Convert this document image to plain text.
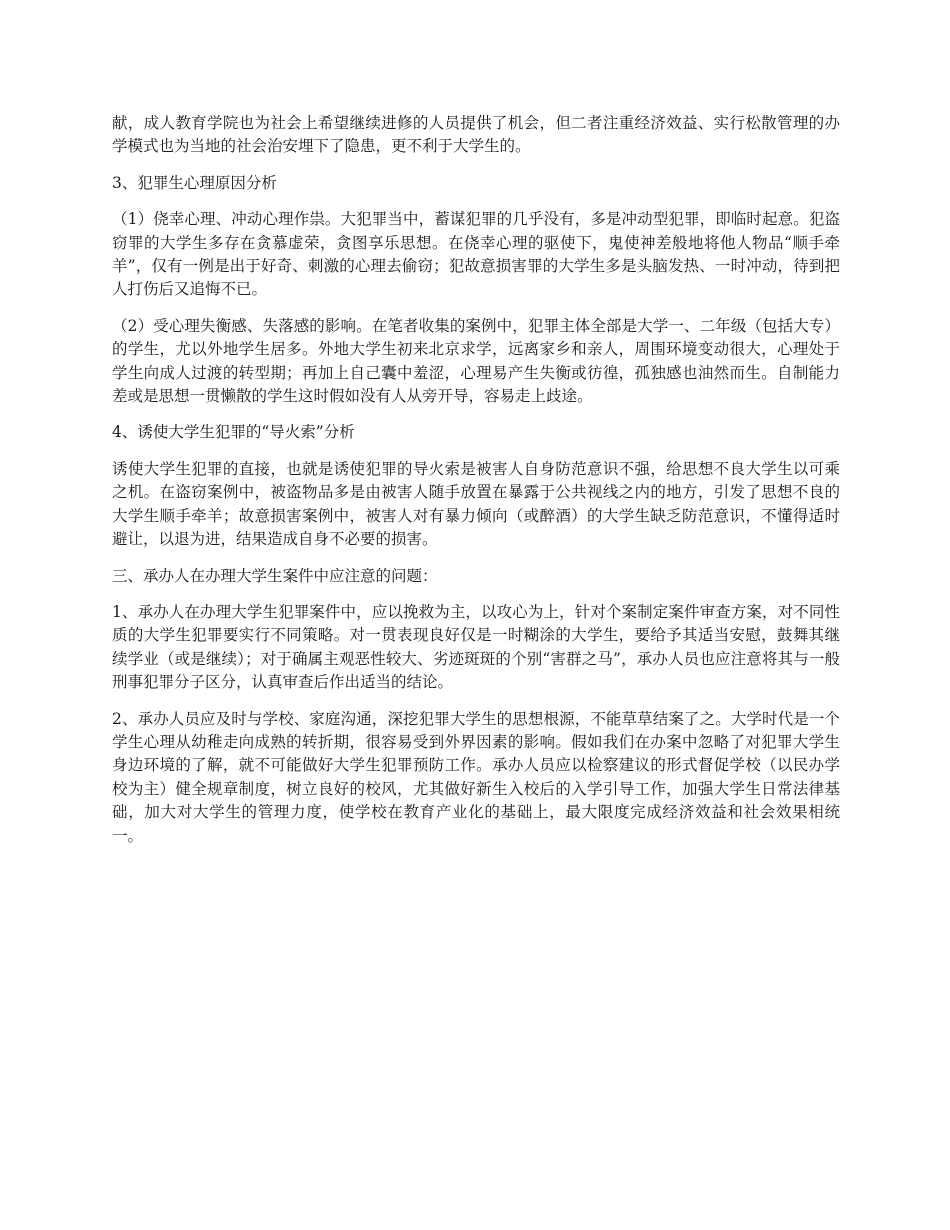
献，成人教育学院也为社会上希望继续进修的人员提供了机会，但二者注重经济效益、实行松散管理的办学模式也为当地的社会治安埋下了隐患，更不利于大学生的。

3、犯罪生心理原因分析

（1）侥幸心理、冲动心理作祟。大犯罪当中，蓄谋犯罪的几乎没有，多是冲动型犯罪，即临时起意。犯盗窃罪的大学生多存在贪慕虚荣，贪图享乐思想。在侥幸心理的驱使下，鬼使神差般地将他人物品“顺手牵羊”，仅有一例是出于好奇、刺激的心理去偷窃；犯故意损害罪的大学生多是头脑发热、一时冲动，待到把人打伤后又追悔不已。

（2）受心理失衡感、失落感的影响。在笔者收集的案例中，犯罪主体全部是大学一、二年级（包括大专）的学生，尤以外地学生居多。外地大学生初来北京求学，远离家乡和亲人，周围环境变动很大，心理处于学生向成人过渡的转型期；再加上自己囊中羞涩，心理易产生失衡或彷徨，孤独感也油然而生。自制能力差或是思想一贯懒散的学生这时假如没有人从旁开导，容易走上歧途。

4、诱使大学生犯罪的“导火索”分析

诱使大学生犯罪的直接，也就是诱使犯罪的导火索是被害人自身防范意识不强，给思想不良大学生以可乘之机。在盗窃案例中，被盗物品多是由被害人随手放置在暴露于公共视线之内的地方，引发了思想不良的大学生顺手牵羊；故意损害案例中，被害人对有暴力倾向（或醉酒）的大学生缺乏防范意识，不懂得适时避让，以退为进，结果造成自身不必要的损害。

三、承办人在办理大学生案件中应注意的问题：

1、承办人在办理大学生犯罪案件中，应以挽救为主，以攻心为上，针对个案制定案件审查方案，对不同性质的大学生犯罪要实行不同策略。对一贯表现良好仅是一时糊涂的大学生，要给予其适当安慰，鼓舞其继续学业（或是继续）；对于确属主观恶性较大、劣迹斑斑的个别“害群之马”，承办人员也应注意将其与一般刑事犯罪分子区分，认真审查后作出适当的结论。

2、承办人员应及时与学校、家庭沟通，深挖犯罪大学生的思想根源，不能草草结案了之。大学时代是一个学生心理从幼稚走向成熟的转折期，很容易受到外界因素的影响。假如我们在办案中忽略了对犯罪大学生身边环境的了解，就不可能做好大学生犯罪预防工作。承办人员应以检察建议的形式督促学校（以民办学校为主）健全规章制度，树立良好的校风，尤其做好新生入校后的入学引导工作，加强大学生日常法律基础，加大对大学生的管理力度，使学校在教育产业化的基础上，最大限度完成经济效益和社会效果相统一。
